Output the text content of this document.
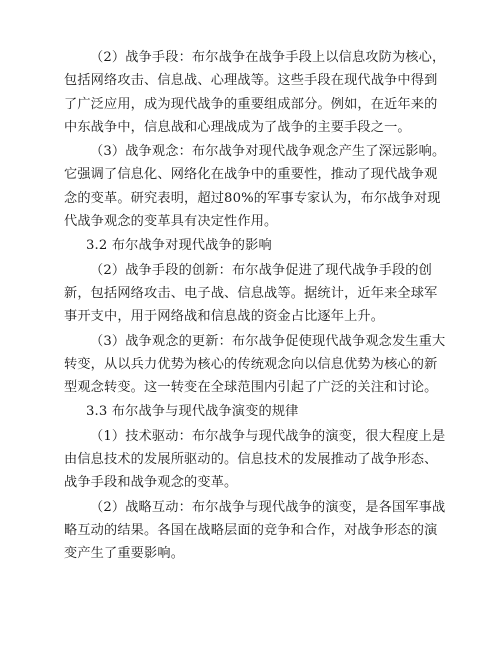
（2）战争手段：布尔战争在战争手段上以信息攻防为核心，包括网络攻击、信息战、心理战等。这些手段在现代战争中得到了广泛应用，成为现代战争的重要组成部分。例如，在近年来的中东战争中，信息战和心理战成为了战争的主要手段之一。

（3）战争观念：布尔战争对现代战争观念产生了深远影响。它强调了信息化、网络化在战争中的重要性，推动了现代战争观念的变革。研究表明，超过80%的军事专家认为，布尔战争对现代战争观念的变革具有决定性作用。

3.2 布尔战争对现代战争的影响

（2）战争手段的创新：布尔战争促进了现代战争手段的创新，包括网络攻击、电子战、信息战等。据统计，近年来全球军事开支中，用于网络战和信息战的资金占比逐年上升。

（3）战争观念的更新：布尔战争促使现代战争观念发生重大转变，从以兵力优势为核心的传统观念向以信息优势为核心的新型观念转变。这一转变在全球范围内引起了广泛的关注和讨论。

3.3 布尔战争与现代战争演变的规律

（1）技术驱动：布尔战争与现代战争的演变，很大程度上是由信息技术的发展所驱动的。信息技术的发展推动了战争形态、战争手段和战争观念的变革。

（2）战略互动：布尔战争与现代战争的演变，是各国军事战略互动的结果。各国在战略层面的竞争和合作，对战争形态的演变产生了重要影响。
